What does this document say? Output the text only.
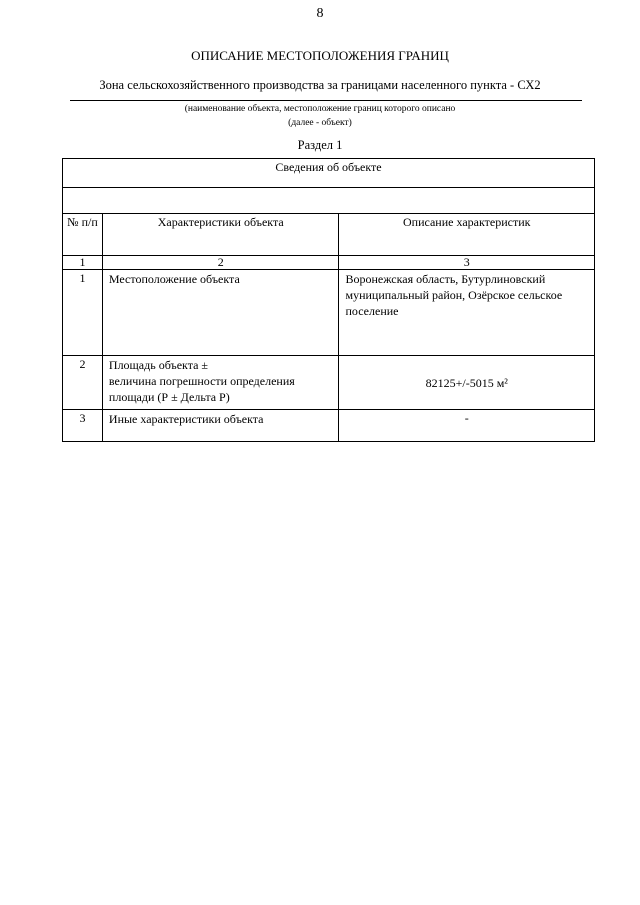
8
ОПИСАНИЕ МЕСТОПОЛОЖЕНИЯ ГРАНИЦ
Зона сельскохозяйственного производства за границами населенного пункта - СХ2
(наименование объекта, местоположение границ которого описано
(далее - объект)
Раздел 1
Сведения об объекте		

№ п/п	Характеристики объекта	Описание характеристик
1	2	3
1	Местоположение объекта	Воронежская область, Бутурлиновский муниципальный район, Озёрское сельское поселение
2	Площадь объекта ±
величина погрешности определения
площади (Р ± Дельта Р)	82125+/-5015 м²
3	Иные характеристики объекта	-
